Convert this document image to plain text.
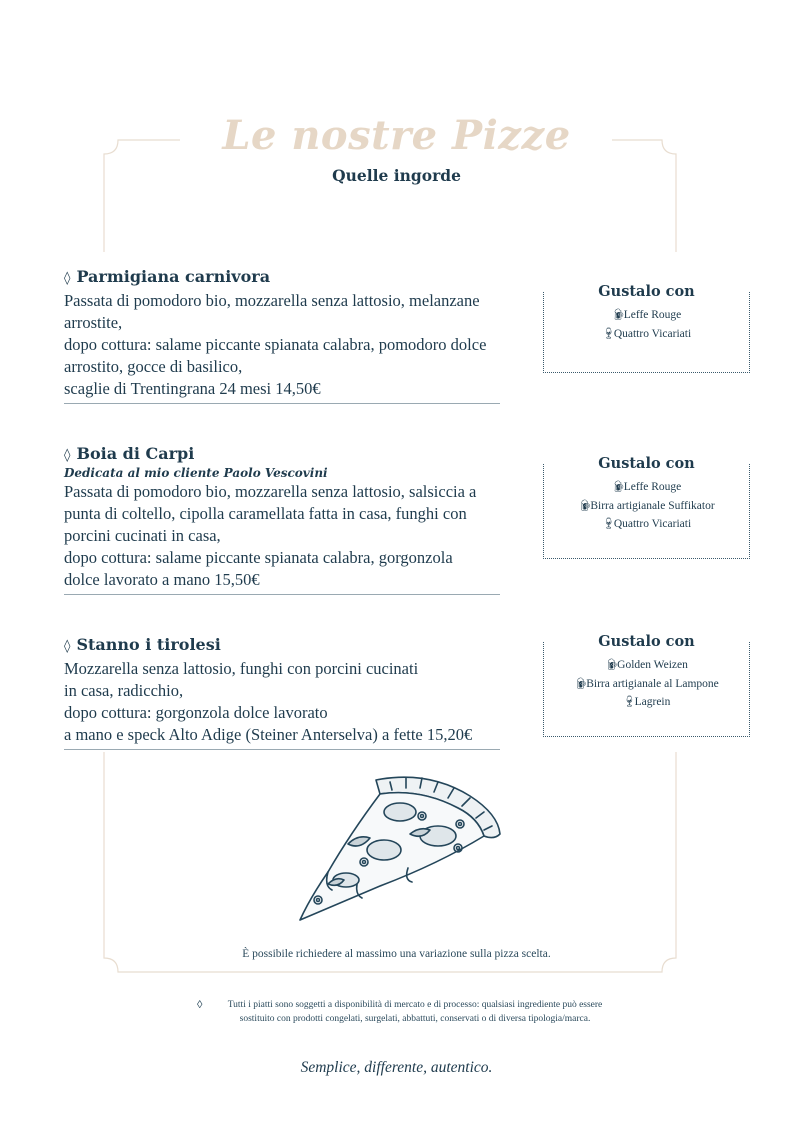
Le nostre Pizze
Quelle ingorde
◊ Parmigiana carnivora
Passata di pomodoro bio, mozzarella senza lattosio, melanzane
arrostite,
dopo cottura: salame piccante spianata calabra, pomodoro dolce
arrostito, gocce di basilico,
scaglie di Trentingrana 24 mesi 14,50€
Gustalo con
🍺︎Leffe Rouge
🍷︎Quattro Vicariati
◊ Boia di Carpi
Dedicata al mio cliente Paolo Vescovini
Passata di pomodoro bio, mozzarella senza lattosio, salsiccia a
punta di coltello, cipolla caramellata fatta in casa, funghi con
porcini cucinati in casa,
dopo cottura: salame piccante spianata calabra, gorgonzola
dolce lavorato a mano 15,50€
Gustalo con
🍺︎Leffe Rouge
🍺︎Birra artigianale Suffikator
🍷︎Quattro Vicariati
◊ Stanno i tirolesi
Mozzarella senza lattosio, funghi con porcini cucinati
in casa, radicchio,
dopo cottura: gorgonzola dolce lavorato
a mano e speck Alto Adige (Steiner Anterselva) a fette 15,20€
Gustalo con
🍺︎Golden Weizen
🍺︎Birra artigianale al Lampone
🍷︎Lagrein
È possibile richiedere al massimo una variazione sulla pizza scelta.
◊	Tutti i piatti sono soggetti a disponibilità di mercato e di processo: qualsiasi ingrediente può essere
sostituito con prodotti congelati, surgelati, abbattuti, conservati o di diversa tipologia/marca.
Semplice, differente, autentico.
